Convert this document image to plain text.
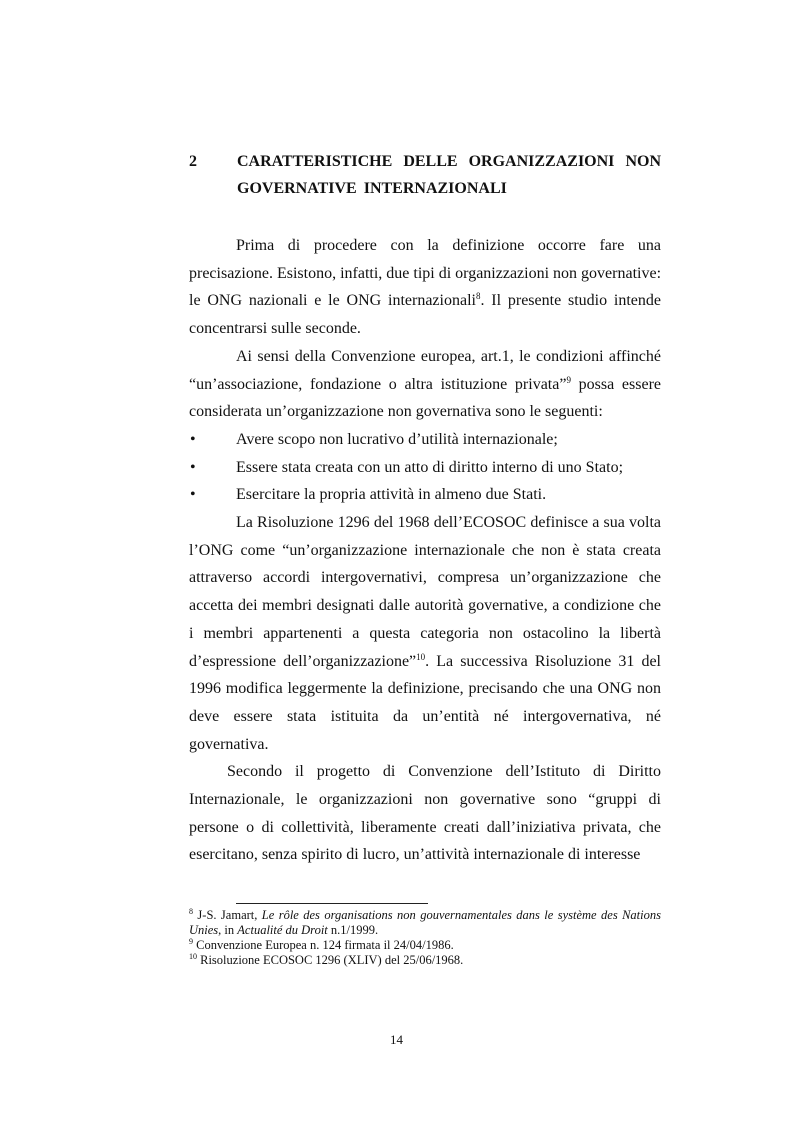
2	CARATTERISTICHE DELLE ORGANIZZAZIONI NON GOVERNATIVE INTERNAZIONALI

Prima di procedere con la definizione occorre fare una precisazione. Esistono, infatti, due tipi di organizzazioni non governative: le ONG nazionali e le ONG internazionali$^8$. Il presente studio intende concentrarsi sulle seconde.

Ai sensi della Convenzione europea, art.1, le condizioni affinché “un’associazione, fondazione o altra istituzione privata”$^9$ possa essere considerata un’organizzazione non governativa sono le seguenti:

•	Avere scopo non lucrativo d’utilità internazionale;
•	Essere stata creata con un atto di diritto interno di uno Stato;
•	Esercitare la propria attività in almeno due Stati.

La Risoluzione 1296 del 1968 dell’ECOSOC definisce a sua volta l’ONG come “un’organizzazione internazionale che non è stata creata attraverso accordi intergovernativi, compresa un’organizzazione che accetta dei membri designati dalle autorità governative, a condizione che i membri appartenenti a questa categoria non ostacolino la libertà d’espressione dell’organizzazione”$^{10}$. La successiva Risoluzione 31 del 1996 modifica leggermente la definizione, precisando che una ONG non deve essere stata istituita da un’entità né intergovernativa, né governativa.

Secondo il progetto di Convenzione dell’Istituto di Diritto Internazionale, le organizzazioni non governative sono “gruppi di persone o di collettività, liberamente creati dall’iniziativa privata, che esercitano, senza spirito di lucro, un’attività internazionale di interesse

$^8$ J-S. Jamart, Le rôle des organisations non gouvernamentales dans le système des Nations Unies, in Actualité du Droit n.1/1999.

$^9$ Convenzione Europea n. 124 firmata il 24/04/1986.

$^{10}$ Risoluzione ECOSOC 1296 (XLIV) del 25/06/1968.

14
